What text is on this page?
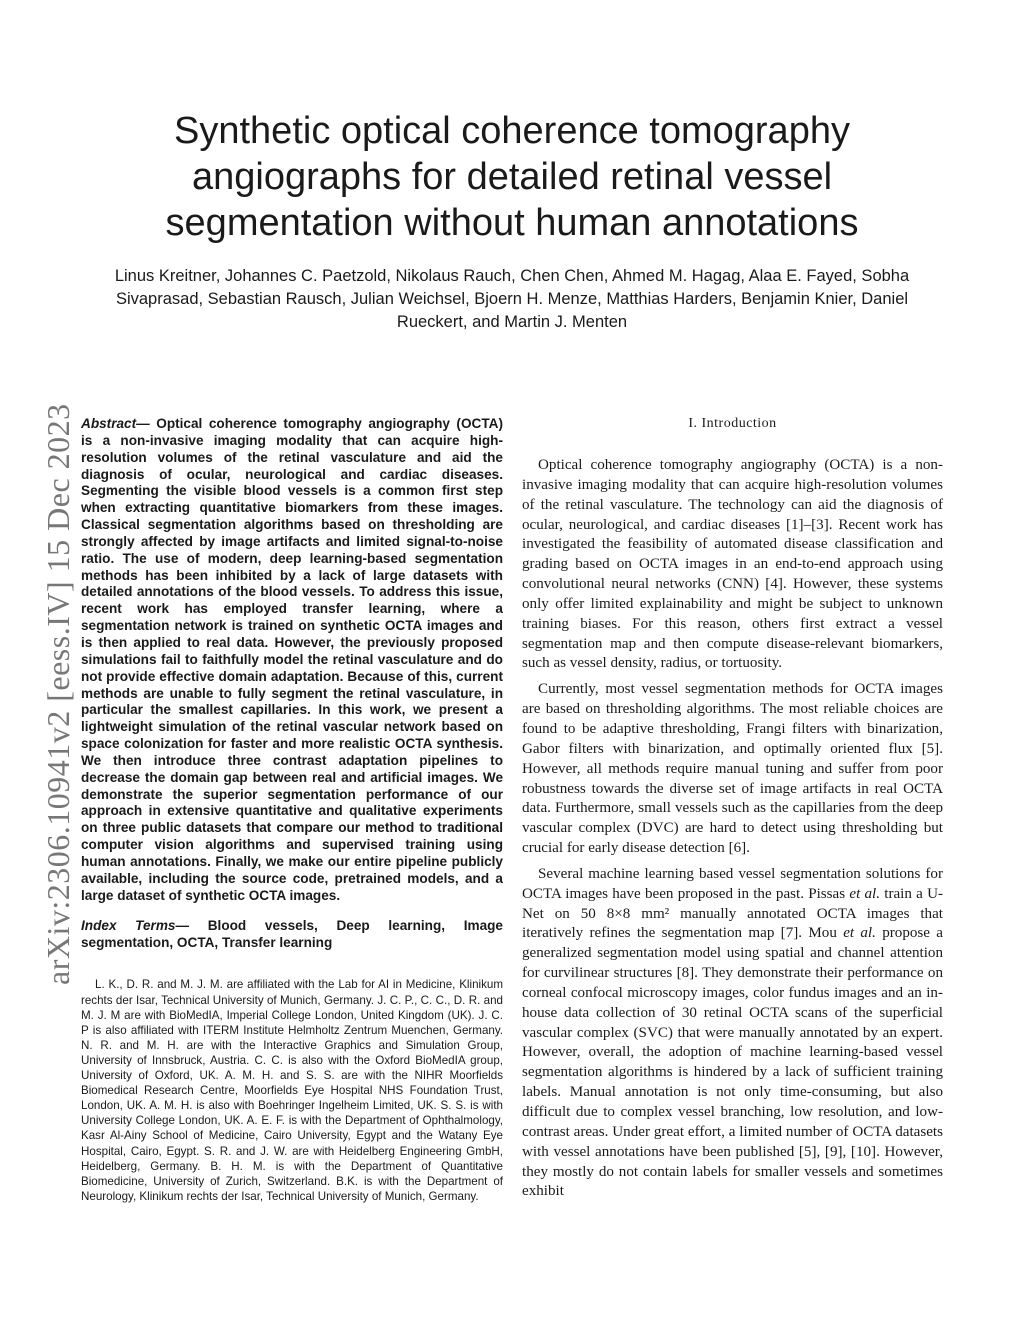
Synthetic optical coherence tomography angiographs for detailed retinal vessel segmentation without human annotations

Linus Kreitner, Johannes C. Paetzold, Nikolaus Rauch, Chen Chen, Ahmed M. Hagag, Alaa E. Fayed, Sobha Sivaprasad, Sebastian Rausch, Julian Weichsel, Bjoern H. Menze, Matthias Harders, Benjamin Knier, Daniel Rueckert, and Martin J. Menten

arXiv:2306.10941v2 [eess.IV] 15 Dec 2023 Abstract— Optical coherence tomography angiography (OCTA) is a non-invasive imaging modality that can acquire high-resolution volumes of the retinal vasculature and aid the diagnosis of ocular, neurological and cardiac diseases. Segmenting the visible blood vessels is a common first step when extracting quantitative biomarkers from these images. Classical segmentation algorithms based on thresholding are strongly affected by image artifacts and limited signal-to-noise ratio. The use of modern, deep learning-based segmentation methods has been inhibited by a lack of large datasets with detailed annotations of the blood vessels. To address this issue, recent work has employed transfer learning, where a segmentation network is trained on synthetic OCTA images and is then applied to real data. However, the previously proposed simulations fail to faithfully model the retinal vasculature and do not provide effective domain adaptation. Because of this, current methods are unable to fully segment the retinal vasculature, in particular the smallest capillaries. In this work, we present a lightweight simulation of the retinal vascular network based on space colonization for faster and more realistic OCTA synthesis. We then introduce three contrast adaptation pipelines to decrease the domain gap between real and artificial images. We demonstrate the superior segmentation performance of our approach in extensive quantitative and qualitative experiments on three public datasets that compare our method to traditional computer vision algorithms and supervised training using human annotations. Finally, we make our entire pipeline publicly available, including the source code, pretrained models, and a large dataset of synthetic OCTA images.

Index Terms— Blood vessels, Deep learning, Image segmentation, OCTA, Transfer learning

L. K., D. R. and M. J. M. are affiliated with the Lab for AI in Medicine, Klinikum rechts der Isar, Technical University of Munich, Germany. J. C. P., C. C., D. R. and M. J. M are with BioMedIA, Imperial College London, United Kingdom (UK). J. C. P is also affiliated with ITERM Institute Helmholtz Zentrum Muenchen, Germany. N. R. and M. H. are with the Interactive Graphics and Simulation Group, University of Innsbruck, Austria. C. C. is also with the Oxford BioMedIA group, University of Oxford, UK. A. M. H. and S. S. are with the NIHR Moorfields Biomedical Research Centre, Moorfields Eye Hospital NHS Foundation Trust, London, UK. A. M. H. is also with Boehringer Ingelheim Limited, UK. S. S. is with University College London, UK. A. E. F. is with the Department of Ophthalmology, Kasr Al-Ainy School of Medicine, Cairo University, Egypt and the Watany Eye Hospital, Cairo, Egypt. S. R. and J. W. are with Heidelberg Engineering GmbH, Heidelberg, Germany. B. H. M. is with the Department of Quantitative Biomedicine, University of Zurich, Switzerland. B.K. is with the Department of Neurology, Klinikum rechts der Isar, Technical University of Munich, Germany.

I. Introduction

Optical coherence tomography angiography (OCTA) is a non-invasive imaging modality that can acquire high-resolution volumes of the retinal vasculature. The technology can aid the diagnosis of ocular, neurological, and cardiac diseases [1]–[3]. Recent work has investigated the feasibility of automated disease classification and grading based on OCTA images in an end-to-end approach using convolutional neural networks (CNN) [4]. However, these systems only offer limited explainability and might be subject to unknown training biases. For this reason, others first extract a vessel segmentation map and then compute disease-relevant biomarkers, such as vessel density, radius, or tortuosity.

Currently, most vessel segmentation methods for OCTA images are based on thresholding algorithms. The most reliable choices are found to be adaptive thresholding, Frangi filters with binarization, Gabor filters with binarization, and optimally oriented flux [5]. However, all methods require manual tuning and suffer from poor robustness towards the diverse set of image artifacts in real OCTA data. Furthermore, small vessels such as the capillaries from the deep vascular complex (DVC) are hard to detect using thresholding but crucial for early disease detection [6].

Several machine learning based vessel segmentation solutions for OCTA images have been proposed in the past. Pissas et al. train a U-Net on 50 8×8 mm² manually annotated OCTA images that iteratively refines the segmentation map [7]. Mou et al. propose a generalized segmentation model using spatial and channel attention for curvilinear structures [8]. They demonstrate their performance on corneal confocal microscopy images, color fundus images and an in-house data collection of 30 retinal OCTA scans of the superficial vascular complex (SVC) that were manually annotated by an expert. However, overall, the adoption of machine learning-based vessel segmentation algorithms is hindered by a lack of sufficient training labels. Manual annotation is not only time-consuming, but also difficult due to complex vessel branching, low resolution, and low-contrast areas. Under great effort, a limited number of OCTA datasets with vessel annotations have been published [5], [9], [10]. However, they mostly do not contain labels for smaller vessels and sometimes exhibit
